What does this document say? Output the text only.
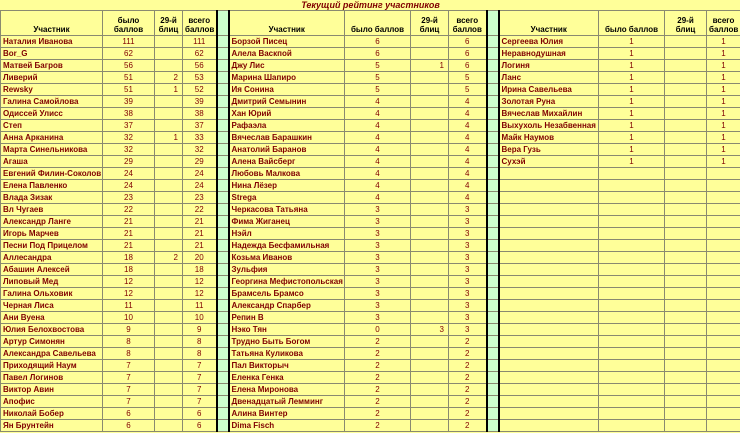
Текущий рейтинг участников													
Участник	было баллов	29-й блиц	всего баллов		Участник	было баллов	29-й блиц	всего баллов		Участник	было баллов	29-й блиц	всего баллов
Наталия Иванова	111		111		Борзой Писец	6		6		Сергеева Юлия	1		1
Bor_G	62		62		Алела Васкпой	6		6		Неравнодушная	1		1
Матвей Багров	56		56		Джу Лис	5	1	6		Логиня	1		1
Ливерий	51	2	53		Марина Шапиро	5		5		Ланс	1		1
Rewsky	51	1	52		Ия Сонина	5		5		Ирина Савельева	1		1
Галина Самойлова	39		39		Дмитрий Семынин	4		4		Золотая Руна	1		1
Одиссей Улисс	38		38		Хан Юрий	4		4		Вячеслав Михайлин	1		1
Степ	37		37		Рафаэла	4		4		Выхухоль Незабвенная	1		1
Анна Арканина	32	1	33		Вячеслав Барашкин	4		4		Майк Наумов	1		1
Марта Синельникова	32		32		Анатолий Баранов	4		4		Вера Гузь	1		1
Агаша	29		29		Алена Вайсберг	4		4		Сухэй	1		1
Евгений Филин-Соколов	24		24		Любовь Малкова	4		4					
Елена Павленко	24		24		Нина Лёзер	4		4					
Влада Зизак	23		23		Strega	4		4					
Вл Чугаев	22		22		Черкасова Татьяна	3		3					
Александр Ланге	21		21		Фима Жиганец	3		3					
Игорь Марчев	21		21		Нэйл	3		3					
Песни Под Прицелом	21		21		Надежда Бесфамильная	3		3					
Аллесандра	18	2	20		Козьма Иванов	3		3					
Абашин Алексей	18		18		Зульфия	3		3					
Липовый Мед	12		12		Георгина Мефистопольская	3		3					
Галина Ольховик	12		12		Брамсель Брамсо	3		3					
Черная Лиса	11		11		Александр Спарбер	3		3					
Ани Вуена	10		10		Репин В	3		3					
Юлия Белохвостова	9		9		Нэко Тян	0	3	3					
Артур Симонян	8		8		Трудно Быть Богом	2		2					
Александра Савельева	8		8		Татьяна Куликова	2		2					
Приходящий Наум	7		7		Пал Викторыч	2		2					
Павел Логинов	7		7		Еленка Генка	2		2					
Виктор Авин	7		7		Елена Миронова	2		2					
Апофис	7		7		Двенадцатый Лемминг	2		2					
Николай Бобер	6		6		Алина Винтер	2		2					
Ян Брунтейн	6		6		Dima Fisch	2		2					
